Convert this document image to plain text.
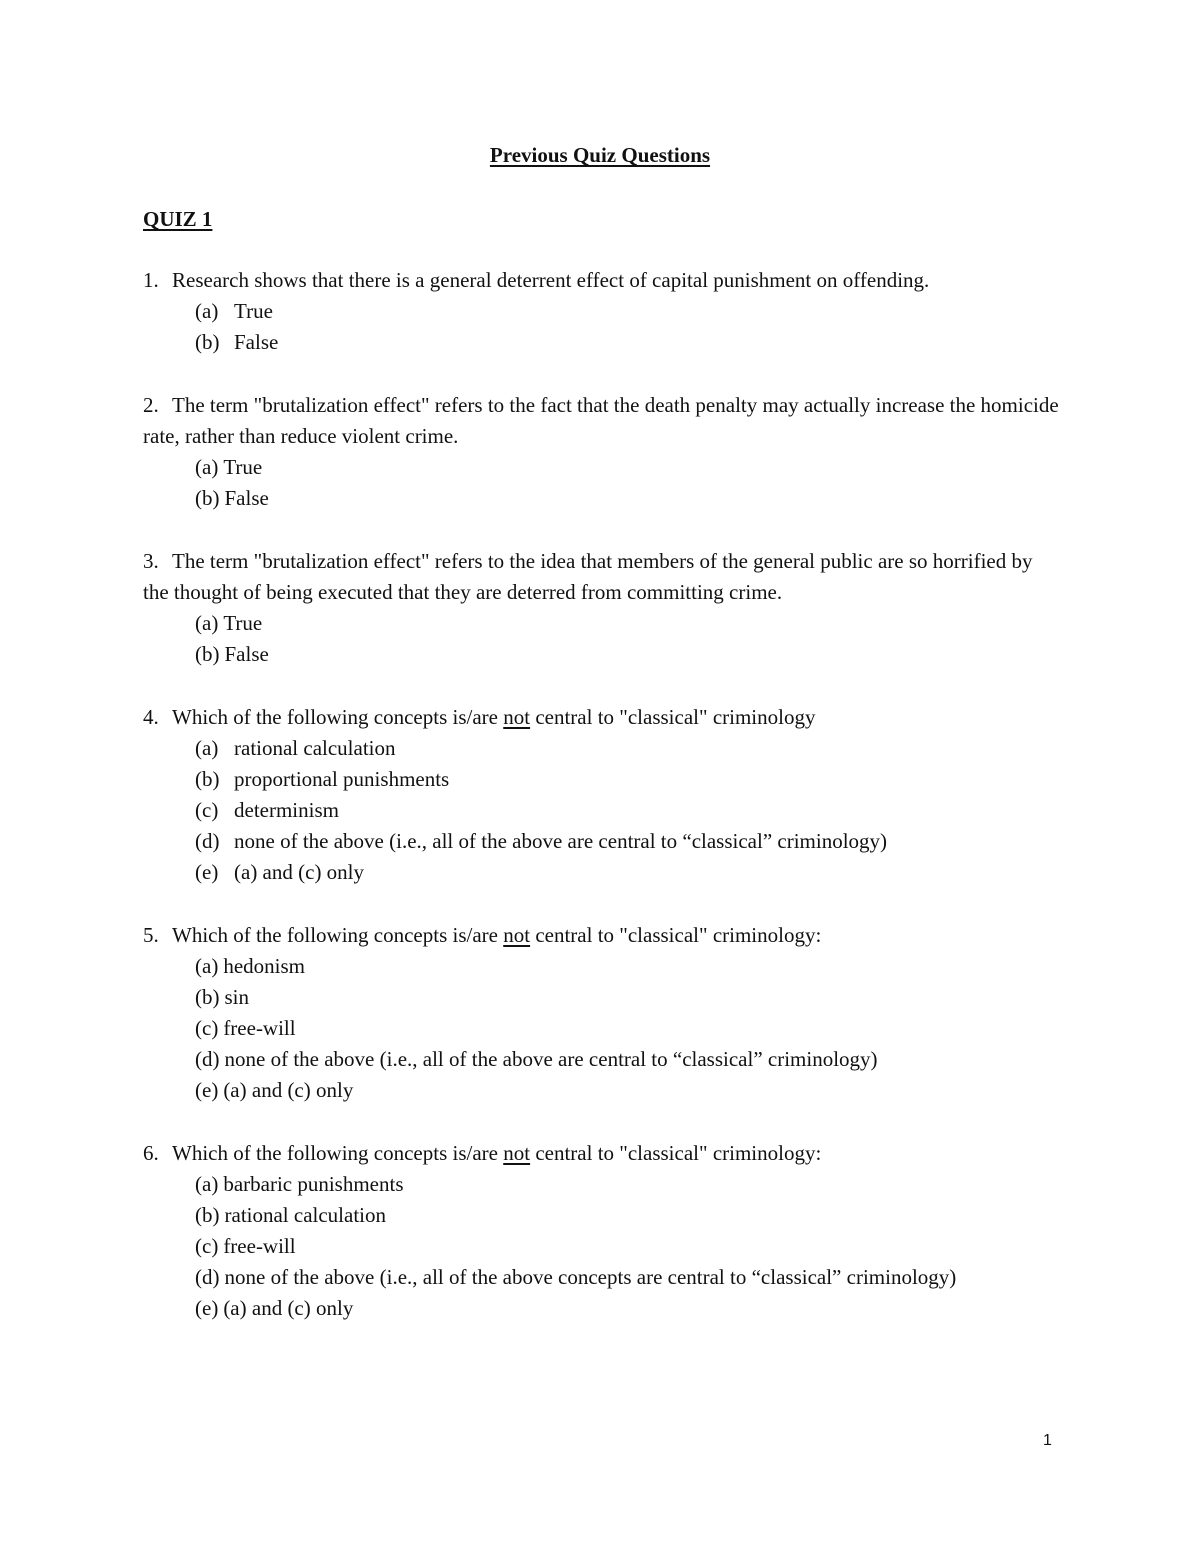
Previous Quiz Questions

QUIZ 1

1. Research shows that there is a general deterrent effect of capital punishment on offending.

(a) True

(b) False

2. The term "brutalization effect" refers to the fact that the death penalty may actually increase the homicide rate, rather than reduce violent crime.

(a) True

(b) False

3. The term "brutalization effect" refers to the idea that members of the general public are so horrified by the thought of being executed that they are deterred from committing crime.

(a) True

(b) False

4. Which of the following concepts is/are not central to "classical" criminology

(a) rational calculation

(b) proportional punishments

(c) determinism

(d) none of the above (i.e., all of the above are central to “classical” criminology)

(e) (a) and (c) only

5. Which of the following concepts is/are not central to "classical" criminology:

(a) hedonism

(b) sin

(c) free-will

(d) none of the above (i.e., all of the above are central to “classical” criminology)

(e) (a) and (c) only

6. Which of the following concepts is/are not central to "classical" criminology:

(a) barbaric punishments

(b) rational calculation

(c) free-will

(d) none of the above (i.e., all of the above concepts are central to “classical” criminology)

(e) (a) and (c) only

1
